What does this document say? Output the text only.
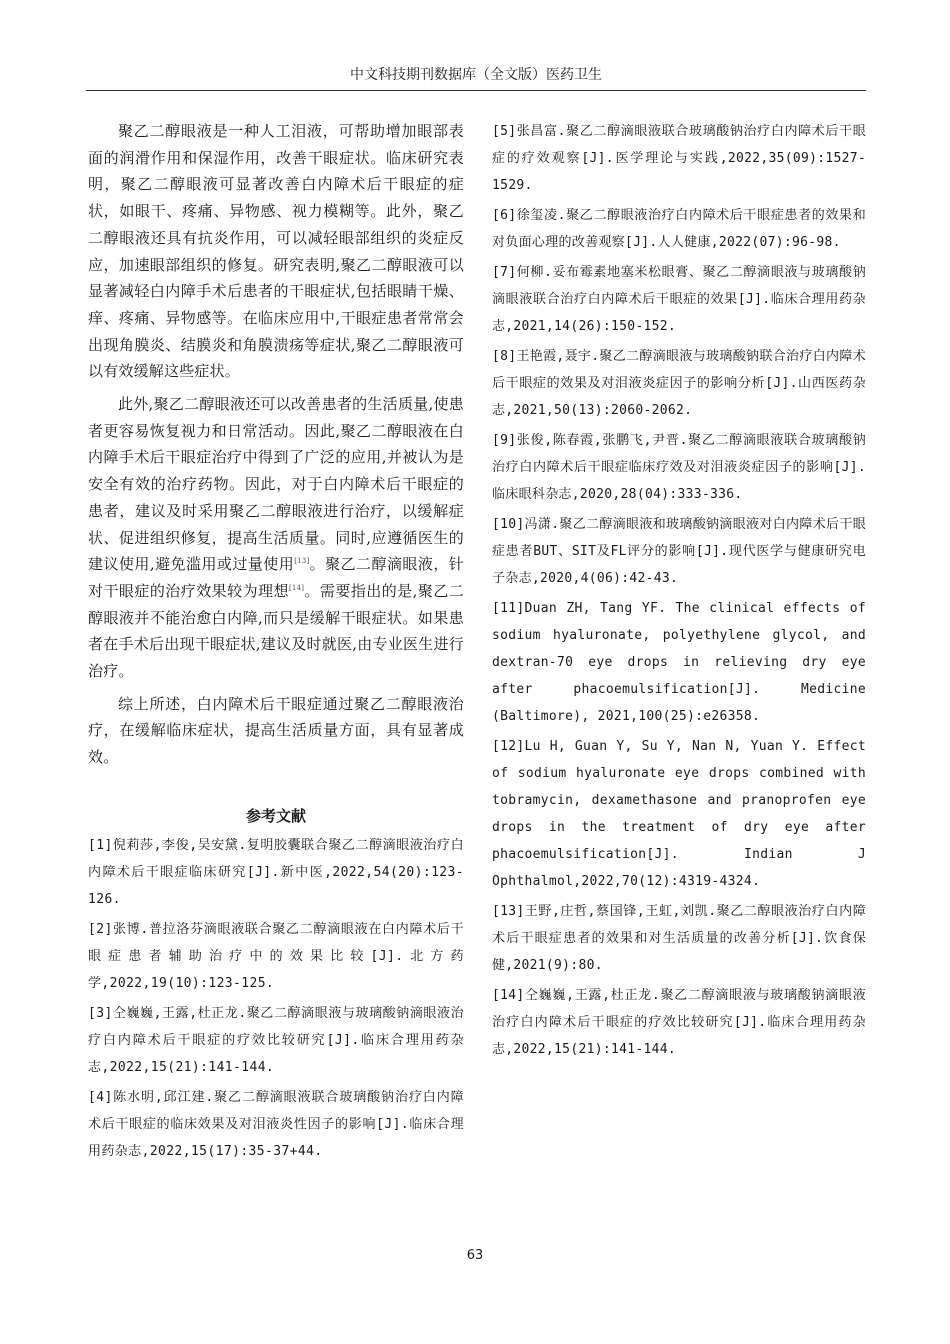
中文科技期刊数据库（全文版）医药卫生

聚乙二醇眼液是一种人工泪液，可帮助增加眼部表面的润滑作用和保湿作用，改善干眼症状。临床研究表明，聚乙二醇眼液可显著改善白内障术后干眼症的症状，如眼干、疼痛、异物感、视力模糊等。此外，聚乙二醇眼液还具有抗炎作用，可以减轻眼部组织的炎症反应，加速眼部组织的修复。研究表明,聚乙二醇眼液可以显著减轻白内障手术后患者的干眼症状,包括眼睛干燥、痒、疼痛、异物感等。在临床应用中,干眼症患者常常会出现角膜炎、结膜炎和角膜溃疡等症状,聚乙二醇眼液可以有效缓解这些症状。

此外,聚乙二醇眼液还可以改善患者的生活质量,使患者更容易恢复视力和日常活动。因此,聚乙二醇眼液在白内障手术后干眼症治疗中得到了广泛的应用,并被认为是安全有效的治疗药物。因此，对于白内障术后干眼症的患者，建议及时采用聚乙二醇眼液进行治疗，以缓解症状、促进组织修复，提高生活质量。同时,应遵循医生的建议使用,避免滥用或过量使用[13]。聚乙二醇滴眼液，针对干眼症的治疗效果较为理想[14]。需要指出的是,聚乙二醇眼液并不能治愈白内障,而只是缓解干眼症状。如果患者在手术后出现干眼症状,建议及时就医,由专业医生进行治疗。

综上所述，白内障术后干眼症通过聚乙二醇眼液治疗，在缓解临床症状，提高生活质量方面，具有显著成效。

参考文献

[1]倪莉莎,李俊,吴安黛.复明胶囊联合聚乙二醇滴眼液治疗白内障术后干眼症临床研究[J].新中医,2022,54(20):123-126.

[2]张博.普拉洛芬滴眼液联合聚乙二醇滴眼液在白内障术后干眼症患者辅助治疗中的效果比较[J].北方药学,2022,19(10):123-125.

[3]仝巍巍,王露,杜正龙.聚乙二醇滴眼液与玻璃酸钠滴眼液治疗白内障术后干眼症的疗效比较研究[J].临床合理用药杂志,2022,15(21):141-144.

[4]陈水明,邱江建.聚乙二醇滴眼液联合玻璃酸钠治疗白内障术后干眼症的临床效果及对泪液炎性因子的影响[J].临床合理用药杂志,2022,15(17):35-37+44.

[5]张昌富.聚乙二醇滴眼液联合玻璃酸钠治疗白内障术后干眼症的疗效观察[J].医学理论与实践,2022,35(09):1527-1529.

[6]徐玺凌.聚乙二醇眼液治疗白内障术后干眼症患者的效果和对负面心理的改善观察[J].人人健康,2022(07):96-98.

[7]何柳.妥布霉素地塞米松眼膏、聚乙二醇滴眼液与玻璃酸钠滴眼液联合治疗白内障术后干眼症的效果[J].临床合理用药杂志,2021,14(26):150-152.

[8]王艳霞,聂宇.聚乙二醇滴眼液与玻璃酸钠联合治疗白内障术后干眼症的效果及对泪液炎症因子的影响分析[J].山西医药杂志,2021,50(13):2060-2062.

[9]张俊,陈春霞,张鹏飞,尹晋.聚乙二醇滴眼液联合玻璃酸钠治疗白内障术后干眼症临床疗效及对泪液炎症因子的影响[J].临床眼科杂志,2020,28(04):333-336.

[10]冯潇.聚乙二醇滴眼液和玻璃酸钠滴眼液对白内障术后干眼症患者BUT、SIT及FL评分的影响[J].现代医学与健康研究电子杂志,2020,4(06):42-43.

[11]Duan ZH, Tang YF. The clinical effects of sodium hyaluronate, polyethylene glycol, and dextran-70 eye drops in relieving dry eye after phacoemulsification[J]. Medicine (Baltimore), 2021,100(25):e26358.

[12]Lu H, Guan Y, Su Y, Nan N, Yuan Y. Effect of sodium hyaluronate eye drops combined with tobramycin, dexamethasone and pranoprofen eye drops in the treatment of dry eye after phacoemulsification[J]. Indian J Ophthalmol,2022,70(12):4319-4324.

[13]王野,庄哲,蔡国锋,王虹,刘凯.聚乙二醇眼液治疗白内障术后干眼症患者的效果和对生活质量的改善分析[J].饮食保健,2021(9):80.

[14]仝巍巍,王露,杜正龙.聚乙二醇滴眼液与玻璃酸钠滴眼液治疗白内障术后干眼症的疗效比较研究[J].临床合理用药杂志,2022,15(21):141-144.

63
